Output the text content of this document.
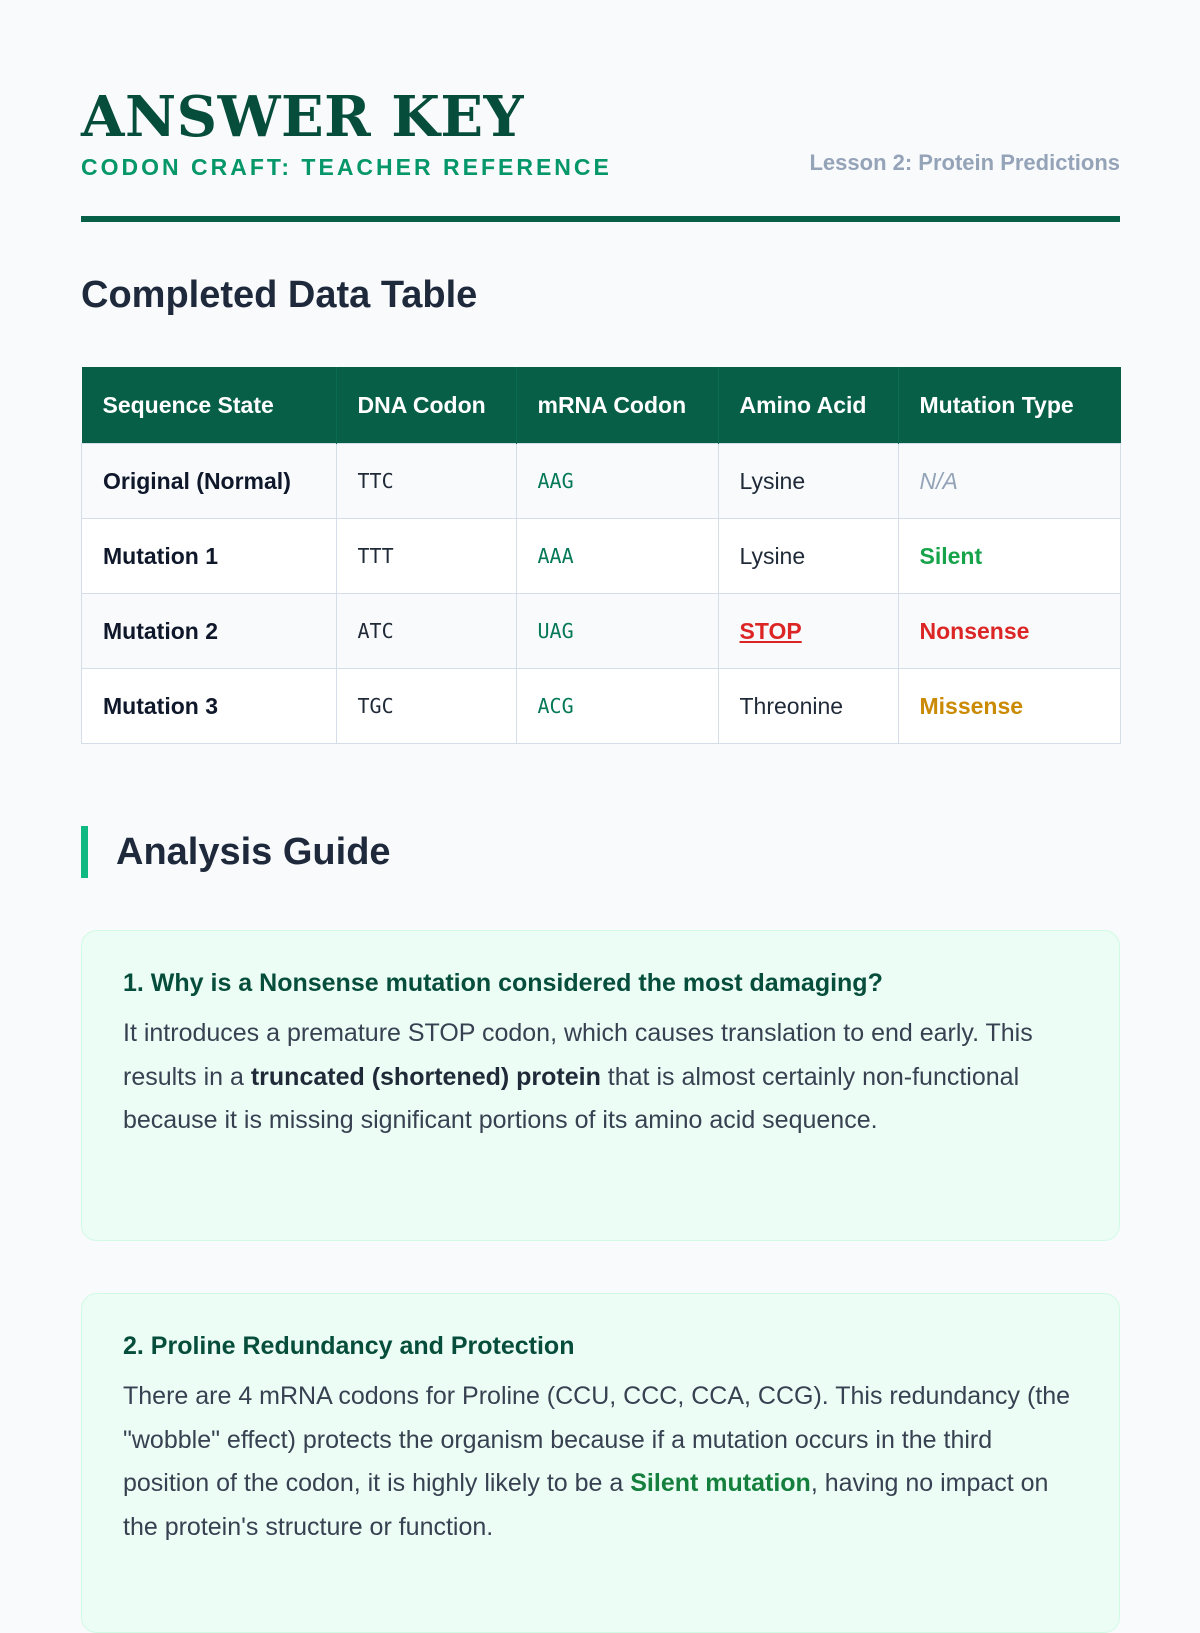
ANSWER KEY
CODON CRAFT: TEACHER REFERENCE	Lesson 2: Protein Predictions
Completed Data Table
Sequence State	DNA Codon	mRNA Codon	Amino Acid	Mutation Type
Original (Normal)	TTC	AAG	Lysine	N/A
Mutation 1	TTT	AAA	Lysine	Silent
Mutation 2	ATC	UAG	STOP	Nonsense
Mutation 3	TGC	ACG	Threonine	Missense
Analysis Guide
1. Why is a Nonsense mutation considered the most damaging?

It introduces a premature STOP codon, which causes translation to end early. This results in a truncated (shortened) protein that is almost certainly non-functional because it is missing significant portions of its amino acid sequence.

2. Proline Redundancy and Protection

There are 4 mRNA codons for Proline (CCU, CCC, CCA, CCG). This redundancy (the "wobble" effect) protects the organism because if a mutation occurs in the third position of the codon, it is highly likely to be a Silent mutation, having no impact on the protein's structure or function.
